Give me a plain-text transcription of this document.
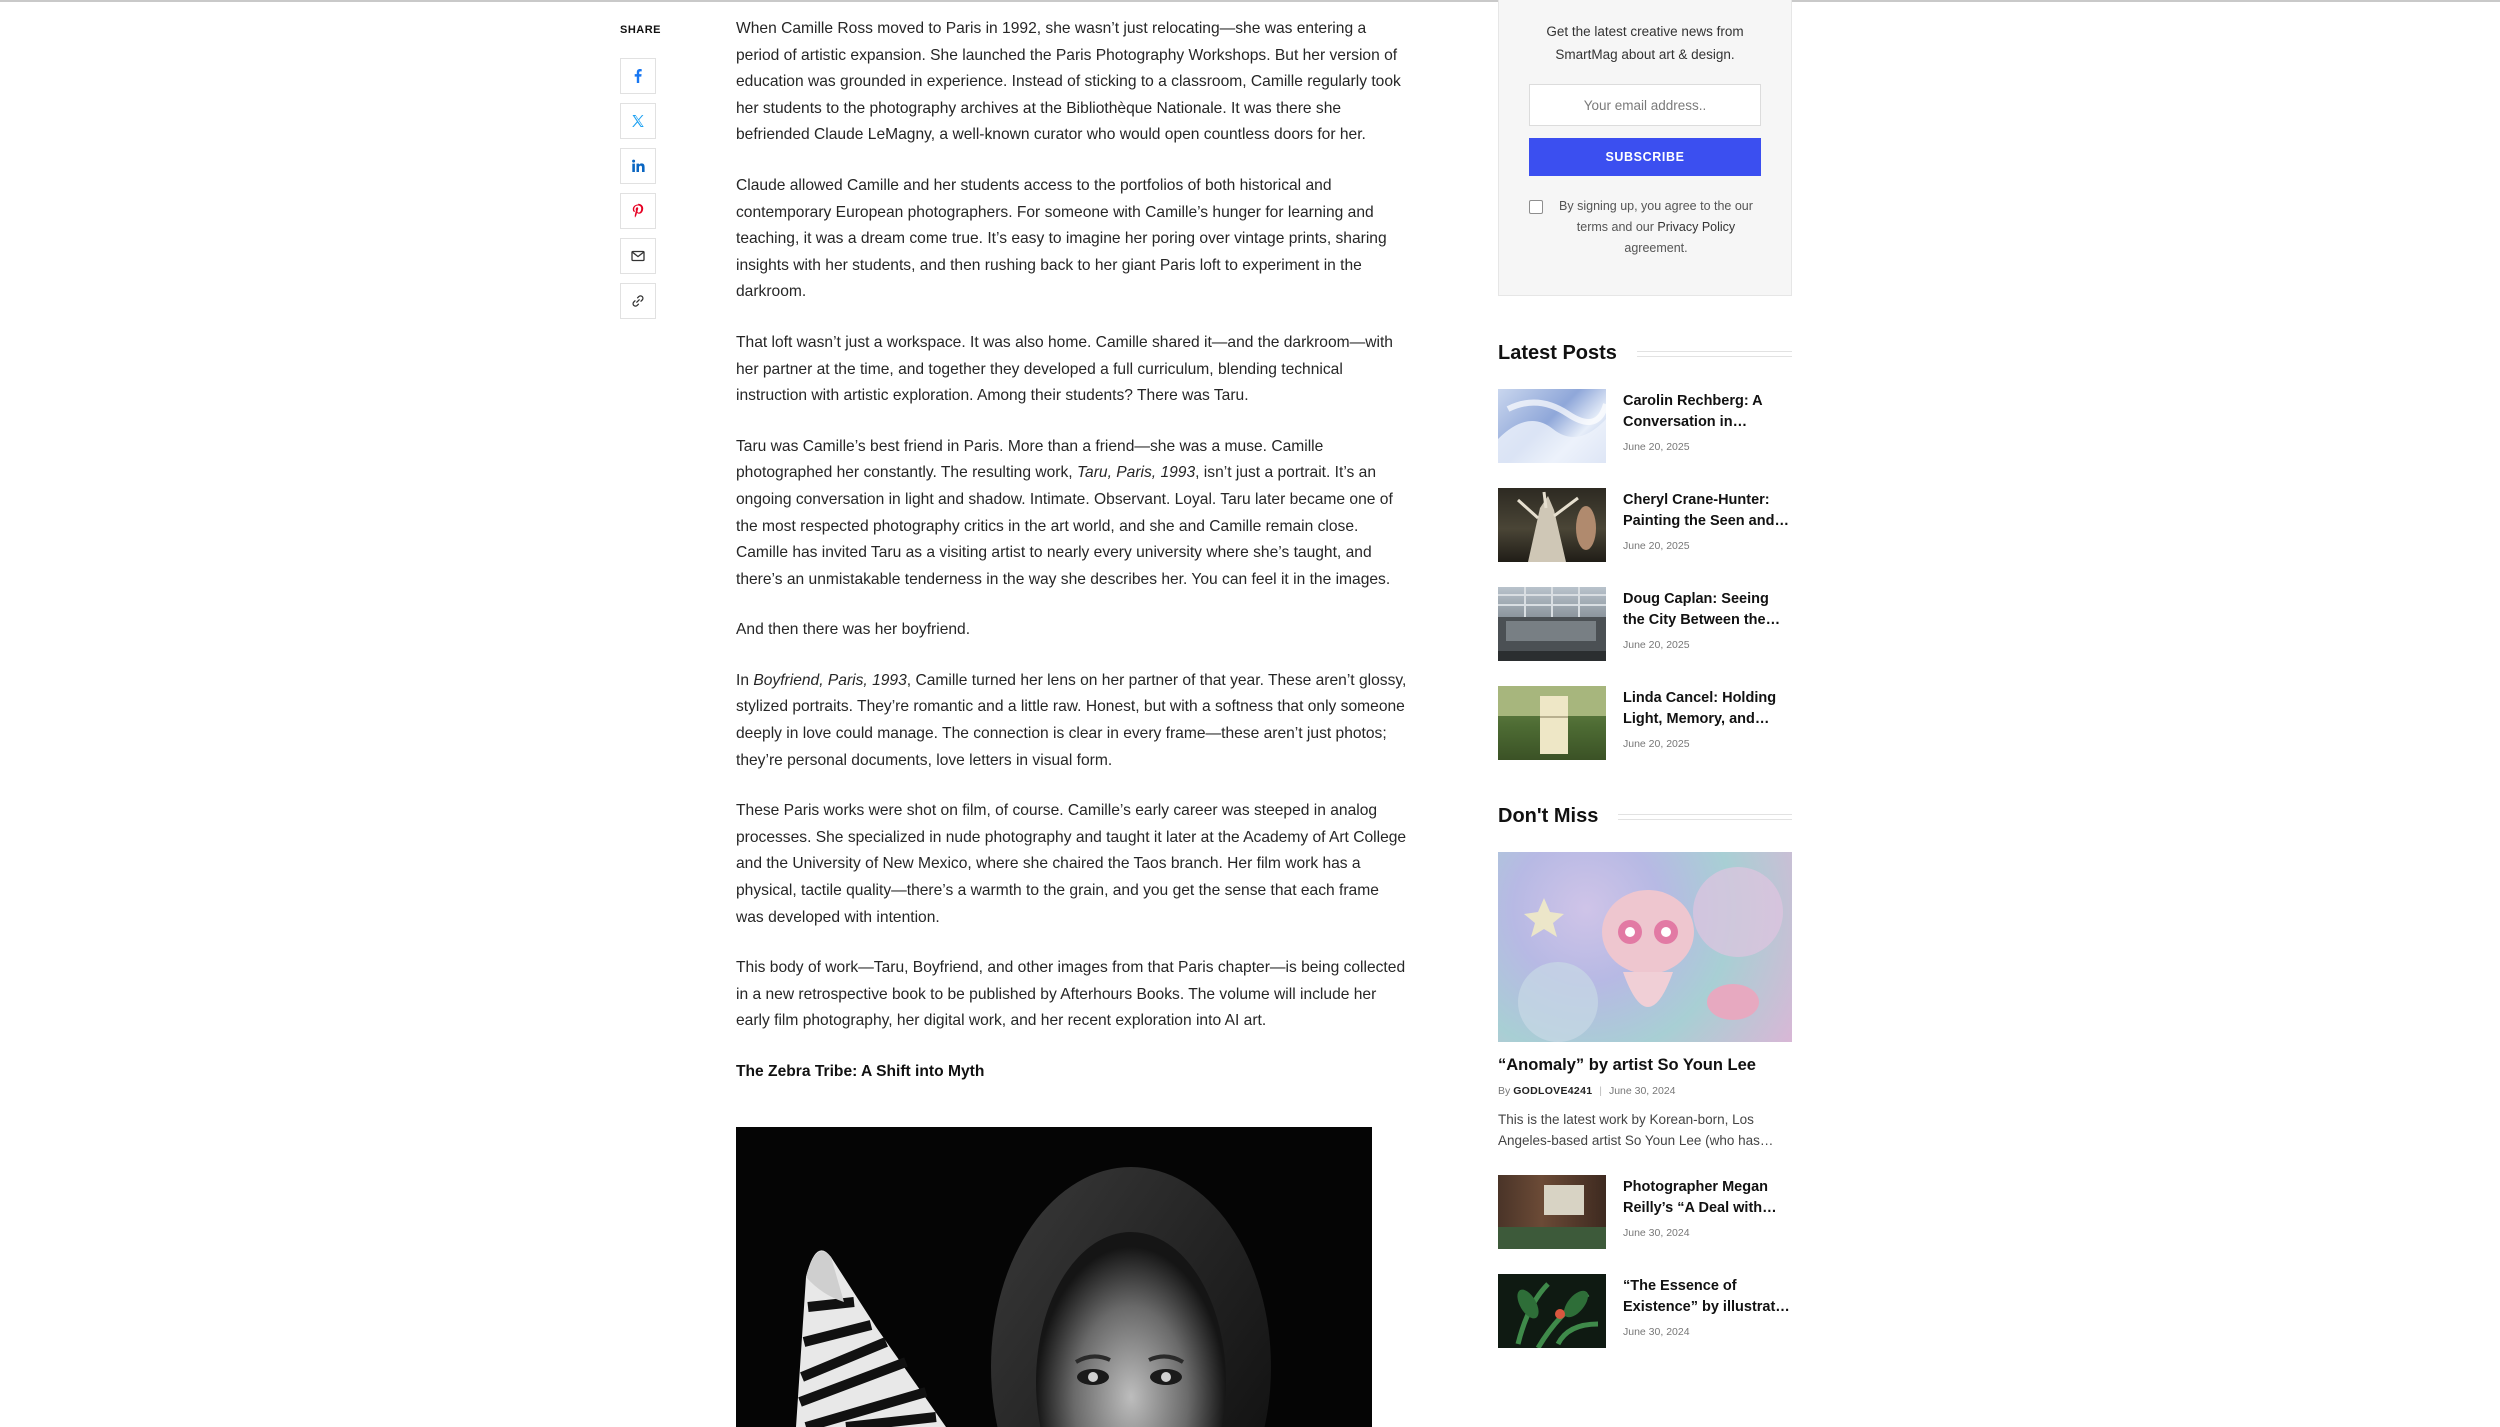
SHARE	When Camille Ross moved to Paris in 1992, she wasn’t just relocating—she was entering a period of artistic expansion. She launched the Paris Photography Workshops. But her version of education was grounded in experience. Instead of sticking to a classroom, Camille regularly took her students to the photography archives at the Bibliothèque Nationale. It was there she befriended Claude LeMagny, a well-known curator who would open countless doors for her.

Claude allowed Camille and her students access to the portfolios of both historical and contemporary European photographers. For someone with Camille’s hunger for learning and teaching, it was a dream come true. It’s easy to imagine her poring over vintage prints, sharing insights with her students, and then rushing back to her giant Paris loft to experiment in the darkroom.

That loft wasn’t just a workspace. It was also home. Camille shared it—and the darkroom—with her partner at the time, and together they developed a full curriculum, blending technical instruction with artistic exploration. Among their students? There was Taru.

Taru was Camille’s best friend in Paris. More than a friend—she was a muse. Camille photographed her constantly. The resulting work, Taru, Paris, 1993, isn’t just a portrait. It’s an ongoing conversation in light and shadow. Intimate. Observant. Loyal. Taru later became one of the most respected photography critics in the art world, and she and Camille remain close. Camille has invited Taru as a visiting artist to nearly every university where she’s taught, and there’s an unmistakable tenderness in the way she describes her. You can feel it in the images.

And then there was her boyfriend.

In Boyfriend, Paris, 1993, Camille turned her lens on her partner of that year. These aren’t glossy, stylized portraits. They’re romantic and a little raw. Honest, but with a softness that only someone deeply in love could manage. The connection is clear in every frame—these aren’t just photos; they’re personal documents, love letters in visual form.

These Paris works were shot on film, of course. Camille’s early career was steeped in analog processes. She specialized in nude photography and taught it later at the Academy of Art College and the University of New Mexico, where she chaired the Taos branch. Her film work has a physical, tactile quality—there’s a warmth to the grain, and you get the sense that each frame was developed with intention.

This body of work—Taru, Boyfriend, and other images from that Paris chapter—is being collected in a new retrospective book to be published by Afterhours Books. The volume will include her early film photography, her digital work, and her recent exploration into AI art.

The Zebra Tribe: A Shift into Myth
Get the latest creative news from SmartMag about art & design.
Your email address..
SUBSCRIBE
By signing up, you agree to the our terms and our Privacy Policy agreement.
Latest Posts
Carolin Rechberg: A Conversation in…
June 20, 2025
Cheryl Crane-Hunter: Painting the Seen and…
June 20, 2025
Doug Caplan: Seeing the City Between the…
June 20, 2025
Linda Cancel: Holding Light, Memory, and…
June 20, 2025
Don't Miss
“Anomaly” by artist So Youn Lee
By GODLOVE4241 | June 30, 2024
This is the latest work by Korean-born, Los Angeles-based artist So Youn Lee (who has…
Photographer Megan Reilly’s “A Deal with…
June 30, 2024
“The Essence of Existence” by illustrat…
June 30, 2024
